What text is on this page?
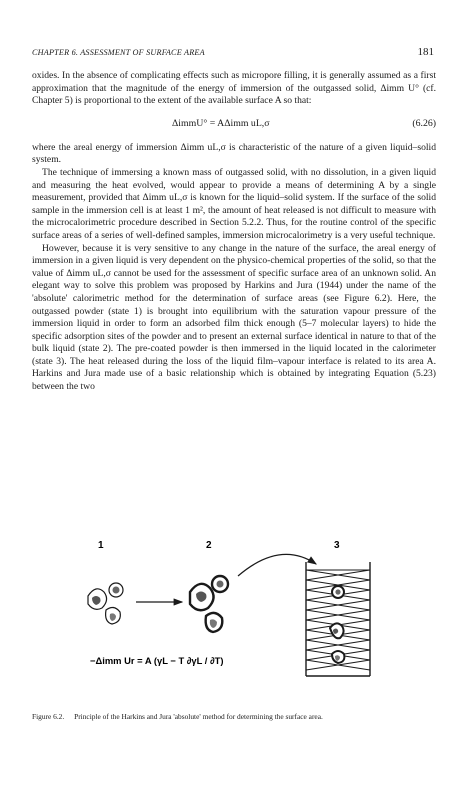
CHAPTER 6. ASSESSMENT OF SURFACE AREA	181

oxides. In the absence of complicating effects such as micropore filling, it is generally assumed as a first approximation that the magnitude of the energy of immersion of the outgassed solid, Δimm U° (cf. Chapter 5) is proportional to the extent of the available surface A so that:

ΔimmU° = AΔimm uL,σ	(6.26)

where the areal energy of immersion Δimm uL,σ is characteristic of the nature of a given liquid–solid system.

The technique of immersing a known mass of outgassed solid, with no dissolution, in a given liquid and measuring the heat evolved, would appear to provide a means of determining A by a single measurement, provided that Δimm uL,σ is known for the liquid–solid system. If the surface of the solid sample in the immersion cell is at least 1 m², the amount of heat released is not difficult to measure with the microcalorimetric procedure described in Section 5.2.2. Thus, for the routine control of the specific surface areas of a series of well-defined samples, immersion microcalorimetry is a very useful technique.

However, because it is very sensitive to any change in the nature of the surface, the areal energy of immersion in a given liquid is very dependent on the physico-chemical properties of the solid, so that the value of Δimm uL,σ cannot be used for the assessment of specific surface area of an unknown solid. An elegant way to solve this problem was proposed by Harkins and Jura (1944) under the name of the 'absolute' calorimetric method for the determination of surface areas (see Figure 6.2). Here, the outgassed powder (state 1) is brought into equilibrium with the saturation vapour pressure of the immersion liquid in order to form an adsorbed film thick enough (5–7 molecular layers) to hide the specific adsorption sites of the powder and to present an external surface identical in nature to that of the bulk liquid (state 2). The pre-coated powder is then immersed in the liquid located in the calorimeter (state 3). The heat released during the loss of the liquid film–vapour interface is related to its area A. Harkins and Jura made use of a basic relationship which is obtained by integrating Equation (5.23) between the two

1	2	3
−Δimm Ur = A (γL − T ∂γL / ∂T)
Figure 6.2. Principle of the Harkins and Jura 'absolute' method for determining the surface area.
